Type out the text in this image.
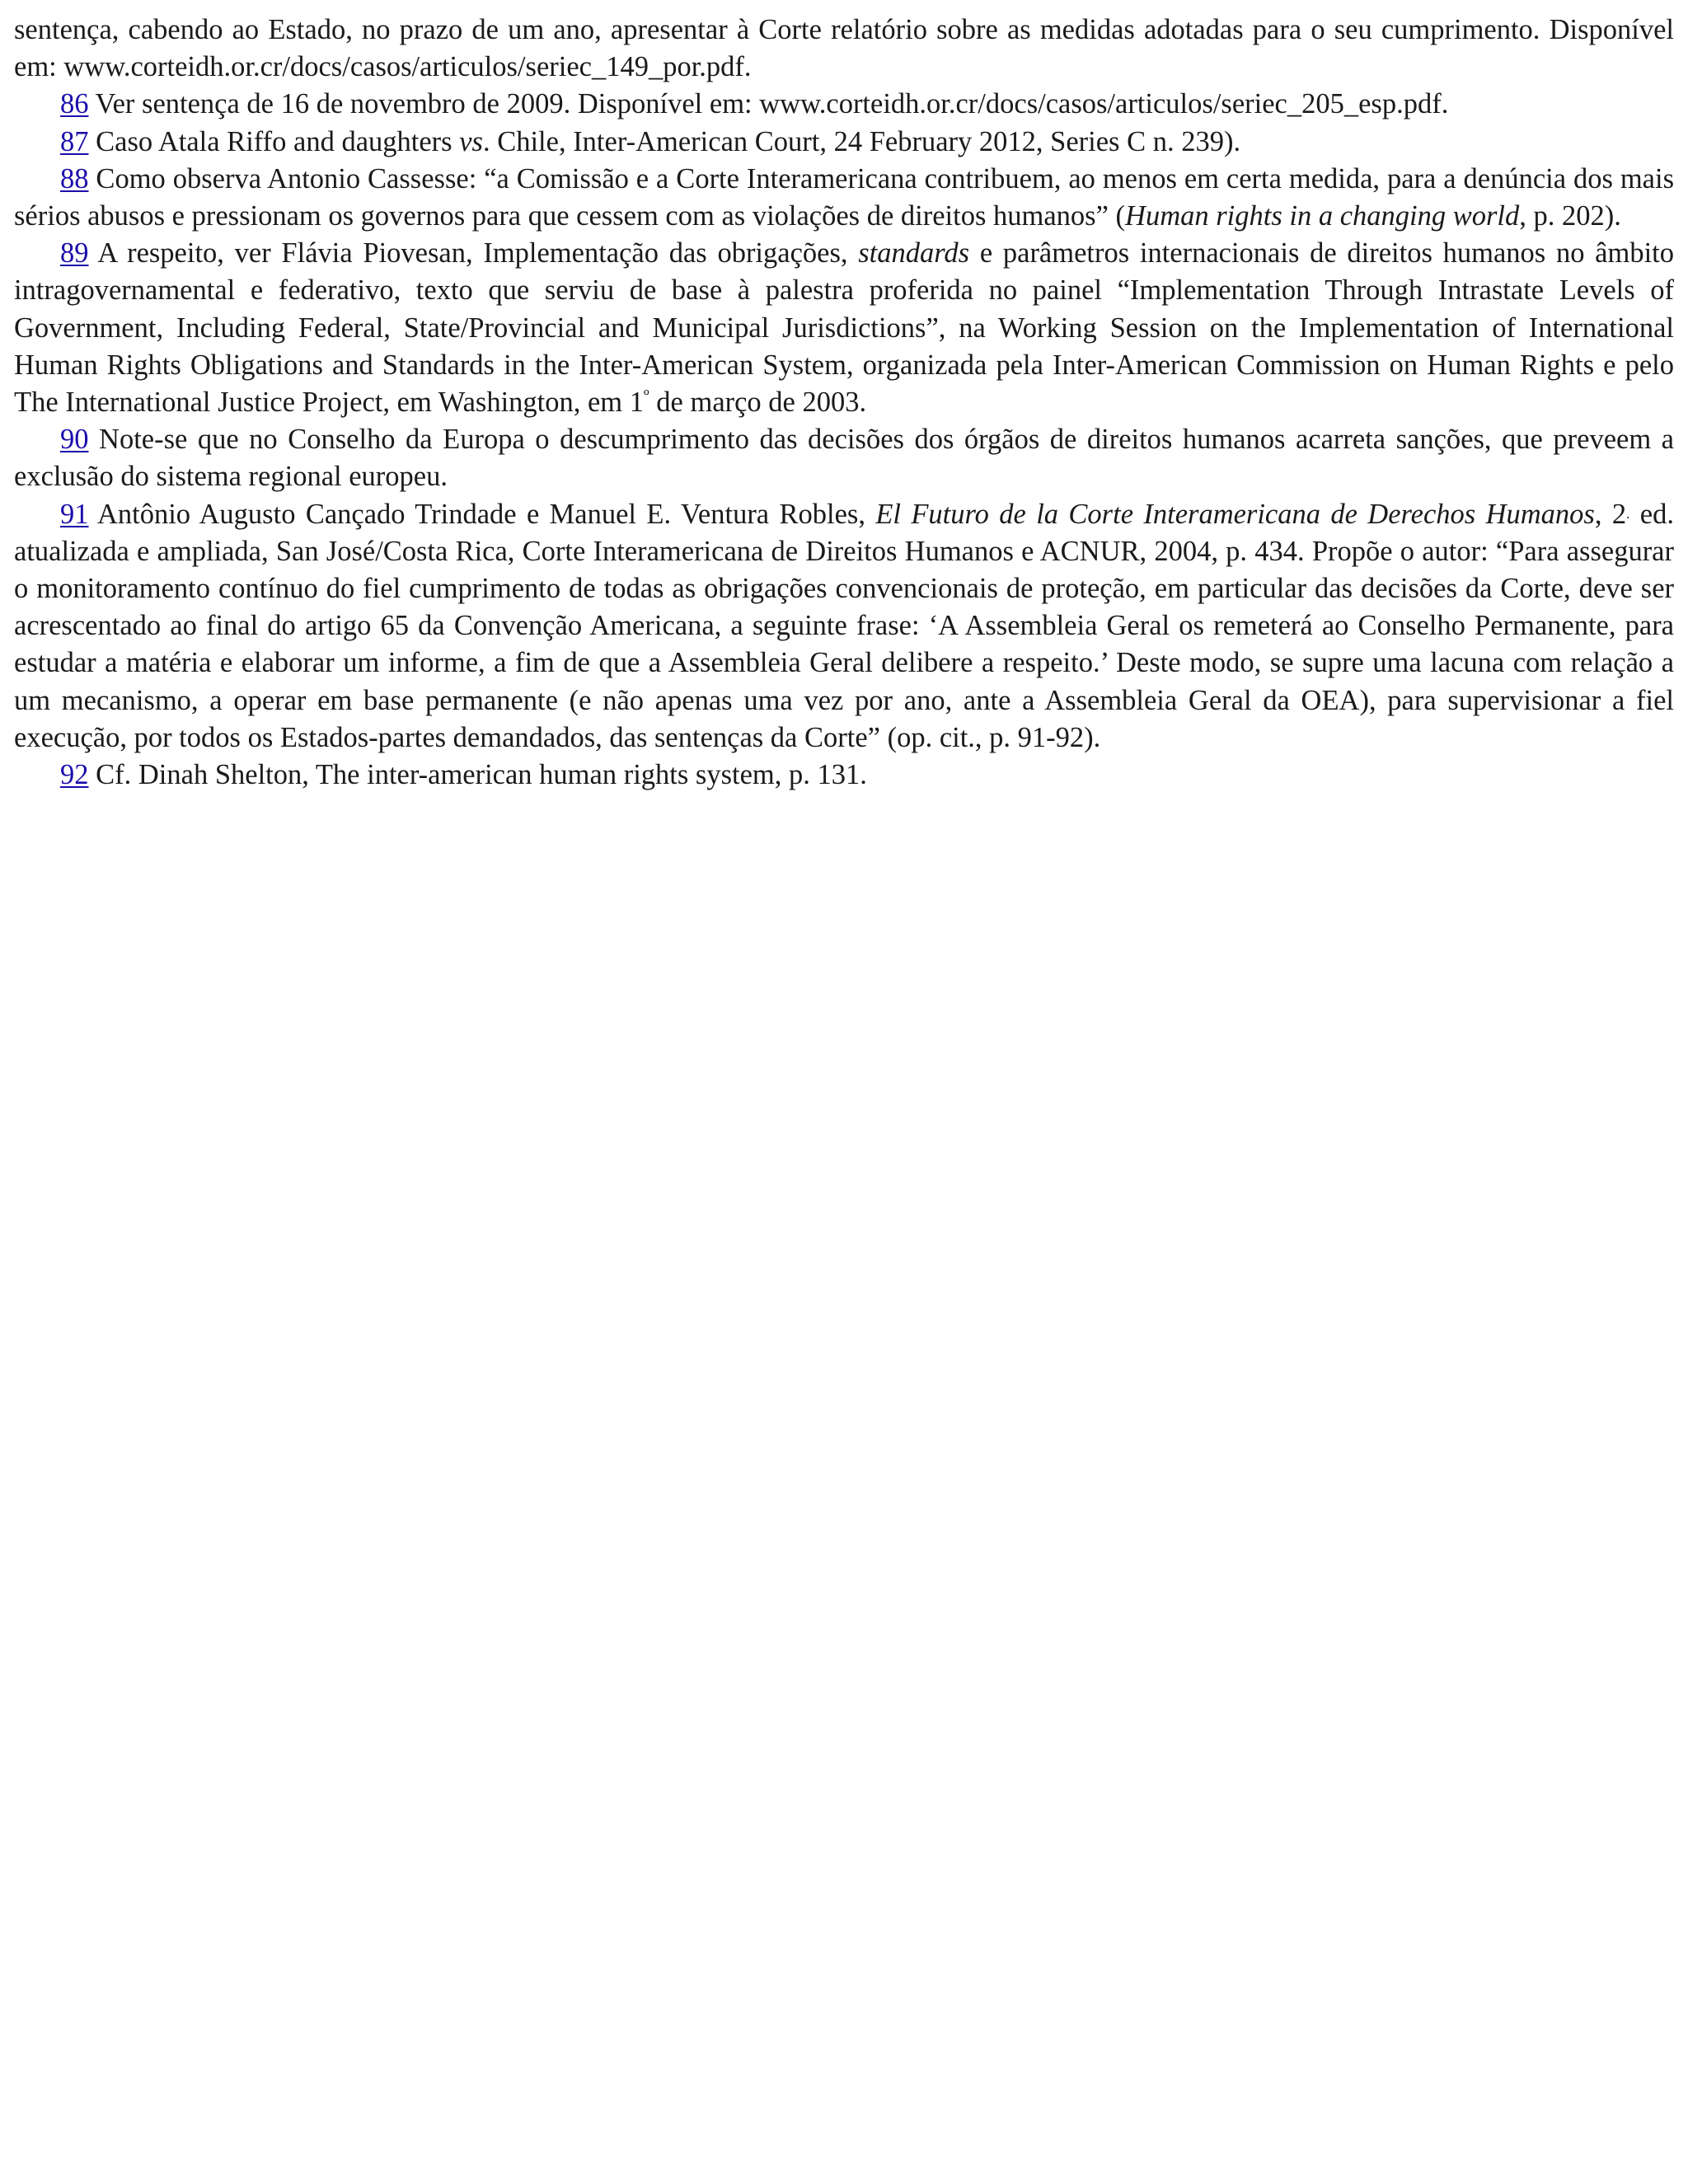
sentença, cabendo ao Estado, no prazo de um ano, apresentar à Corte relatório sobre as medidas adotadas para o seu cumprimento. Disponível em: www.corteidh.or.cr/docs/casos/articulos/seriec_149_por.pdf.

86 Ver sentença de 16 de novembro de 2009. Disponível em: www.corteidh.or.cr/docs/casos/articulos/seriec_205_esp.pdf.

87 Caso Atala Riffo and daughters vs. Chile, Inter-American Court, 24 February 2012, Series C n. 239).

88 Como observa Antonio Cassesse: “a Comissão e a Corte Interamericana contribuem, ao menos em certa medida, para a denúncia dos mais sérios abusos e pressionam os governos para que cessem com as violações de direitos humanos” (Human rights in a changing world, p. 202).

89 A respeito, ver Flávia Piovesan, Implementação das obrigações, standards e parâmetros internacionais de direitos humanos no âmbito intragovernamental e federativo, texto que serviu de base à palestra proferida no painel “Implementation Through Intrastate Levels of Government, Including Federal, State/Provincial and Municipal Jurisdictions”, na Working Session on the Implementation of International Human Rights Obligations and Standards in the Inter-American System, organizada pela Inter-American Commission on Human Rights e pelo The International Justice Project, em Washington, em $1^º$ de março de 2003.

90 Note-se que no Conselho da Europa o descumprimento das decisões dos órgãos de direitos humanos acarreta sanções, que preveem a exclusão do sistema regional europeu.

91 Antônio Augusto Cançado Trindade e Manuel E. Ventura Robles, El Futuro de la Corte Interamericana de Derechos Humanos, 2. ed. atualizada e ampliada, San José/Costa Rica, Corte Interamericana de Direitos Humanos e ACNUR, 2004, p. 434. Propõe o autor: “Para assegurar o monitoramento contínuo do fiel cumprimento de todas as obrigações convencionais de proteção, em particular das decisões da Corte, deve ser acrescentado ao final do artigo 65 da Convenção Americana, a seguinte frase: ‘A Assembleia Geral os remeterá ao Conselho Permanente, para estudar a matéria e elaborar um informe, a fim de que a Assembleia Geral delibere a respeito.’ Deste modo, se supre uma lacuna com relação a um mecanismo, a operar em base permanente (e não apenas uma vez por ano, ante a Assembleia Geral da OEA), para supervisionar a fiel execução, por todos os Estados-partes demandados, das sentenças da Corte” (op. cit., p. 91-92).

92 Cf. Dinah Shelton, The inter-american human rights system, p. 131.
